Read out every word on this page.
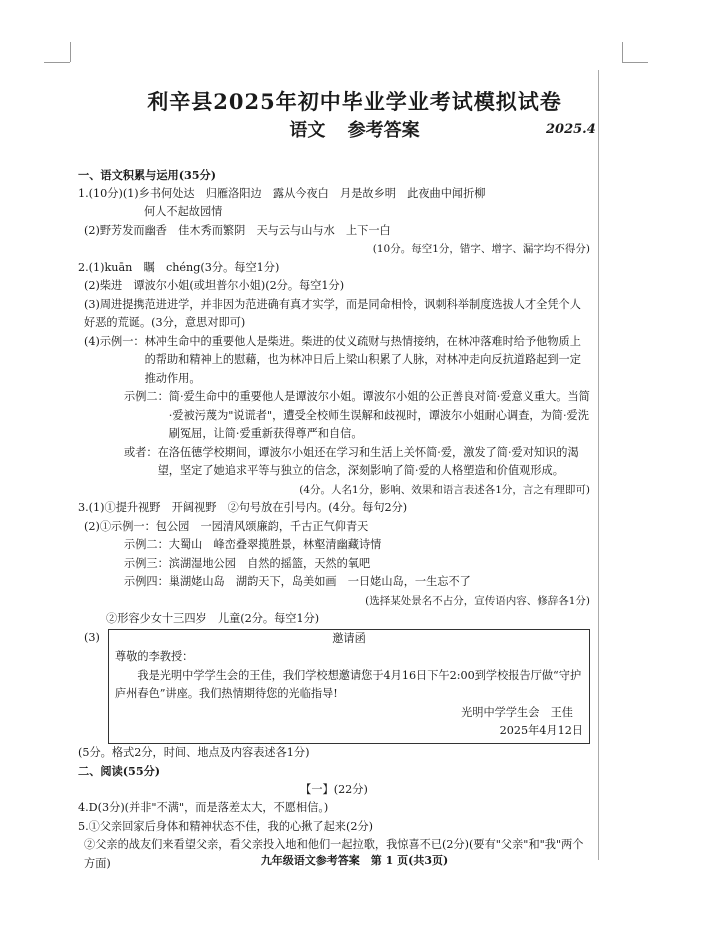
利辛县2025年初中毕业学业考试模拟试卷
语文 参考答案	2025.4
一、语文积累与运用(35分)
1.(10分)(1)乡书何处达　归雁洛阳边　露从今夜白　月是故乡明　此夜曲中闻折柳
何人不起故园情
(2)野芳发而幽香　佳木秀而繁阴　天与云与山与水　上下一白
(10分。每空1分，错字、增字、漏字均不得分)
2.(1)kuān　瞩　chéng(3分。每空1分)
(2)柴进　谭波尔小姐(或坦普尔小姐)(2分。每空1分)
(3)周进提携范进进学，并非因为范进确有真才实学，而是同命相怜，讽刺科举制度选拔人才全凭个人好恶的荒诞。(3分，意思对即可)
(4)示例一： 林冲生命中的重要他人是柴进。柴进的仗义疏财与热情接纳，在林冲落难时给予他物质上的帮助和精神上的慰藉，也为林冲日后上梁山积累了人脉，对林冲走向反抗道路起到一定推动作用。
示例二： 简·爱生命中的重要他人是谭波尔小姐。谭波尔小姐的公正善良对简·爱意义重大。当简·爱被污蔑为"说谎者"，遭受全校师生误解和歧视时，谭波尔小姐耐心调查，为简·爱洗刷冤屈，让简·爱重新获得尊严和自信。
或者： 在洛伍德学校期间，谭波尔小姐还在学习和生活上关怀简·爱，激发了简·爱对知识的渴望，坚定了她追求平等与独立的信念，深刻影响了简·爱的人格塑造和价值观形成。
(4分。人名1分，影响、效果和语言表述各1分，言之有理即可)
3.(1)①提升视野　开阔视野　②句号放在引号内。(4分。每句2分)
(2)①示例一：包公园　一园清风颂廉韵，千古正气仰青天
示例二：大蜀山　峰峦叠翠揽胜景，林壑清幽藏诗情
示例三：滨湖湿地公园　自然的摇篮，天然的氧吧
示例四：巢湖姥山岛　湖韵天下，岛美如画　一日姥山岛，一生忘不了
(选择某处景名不占分，宣传语内容、修辞各1分)
②形容少女十三四岁　儿童(2分。每空1分)
(3)	邀请函
尊敬的李教授：
我是光明中学学生会的王佳，我们学校想邀请您于4月16日下午2:00到学校报告厅做“守护庐州春色”讲座。我们热情期待您的光临指导!
光明中学学生会　王佳
2025年4月12日
(5分。格式2分，时间、地点及内容表述各1分)
二、阅读(55分)
【一】(22分)
4.D(3分)(并非"不满"，而是落差太大，不愿相信。)
5.①父亲回家后身体和精神状态不佳，我的心揪了起来(2分)
②父亲的战友们来看望父亲，看父亲投入地和他们一起拉歌，我惊喜不已(2分)(要有"父亲"和"我"两个方面)	九年级语文参考答案　第 1 页(共3页)
